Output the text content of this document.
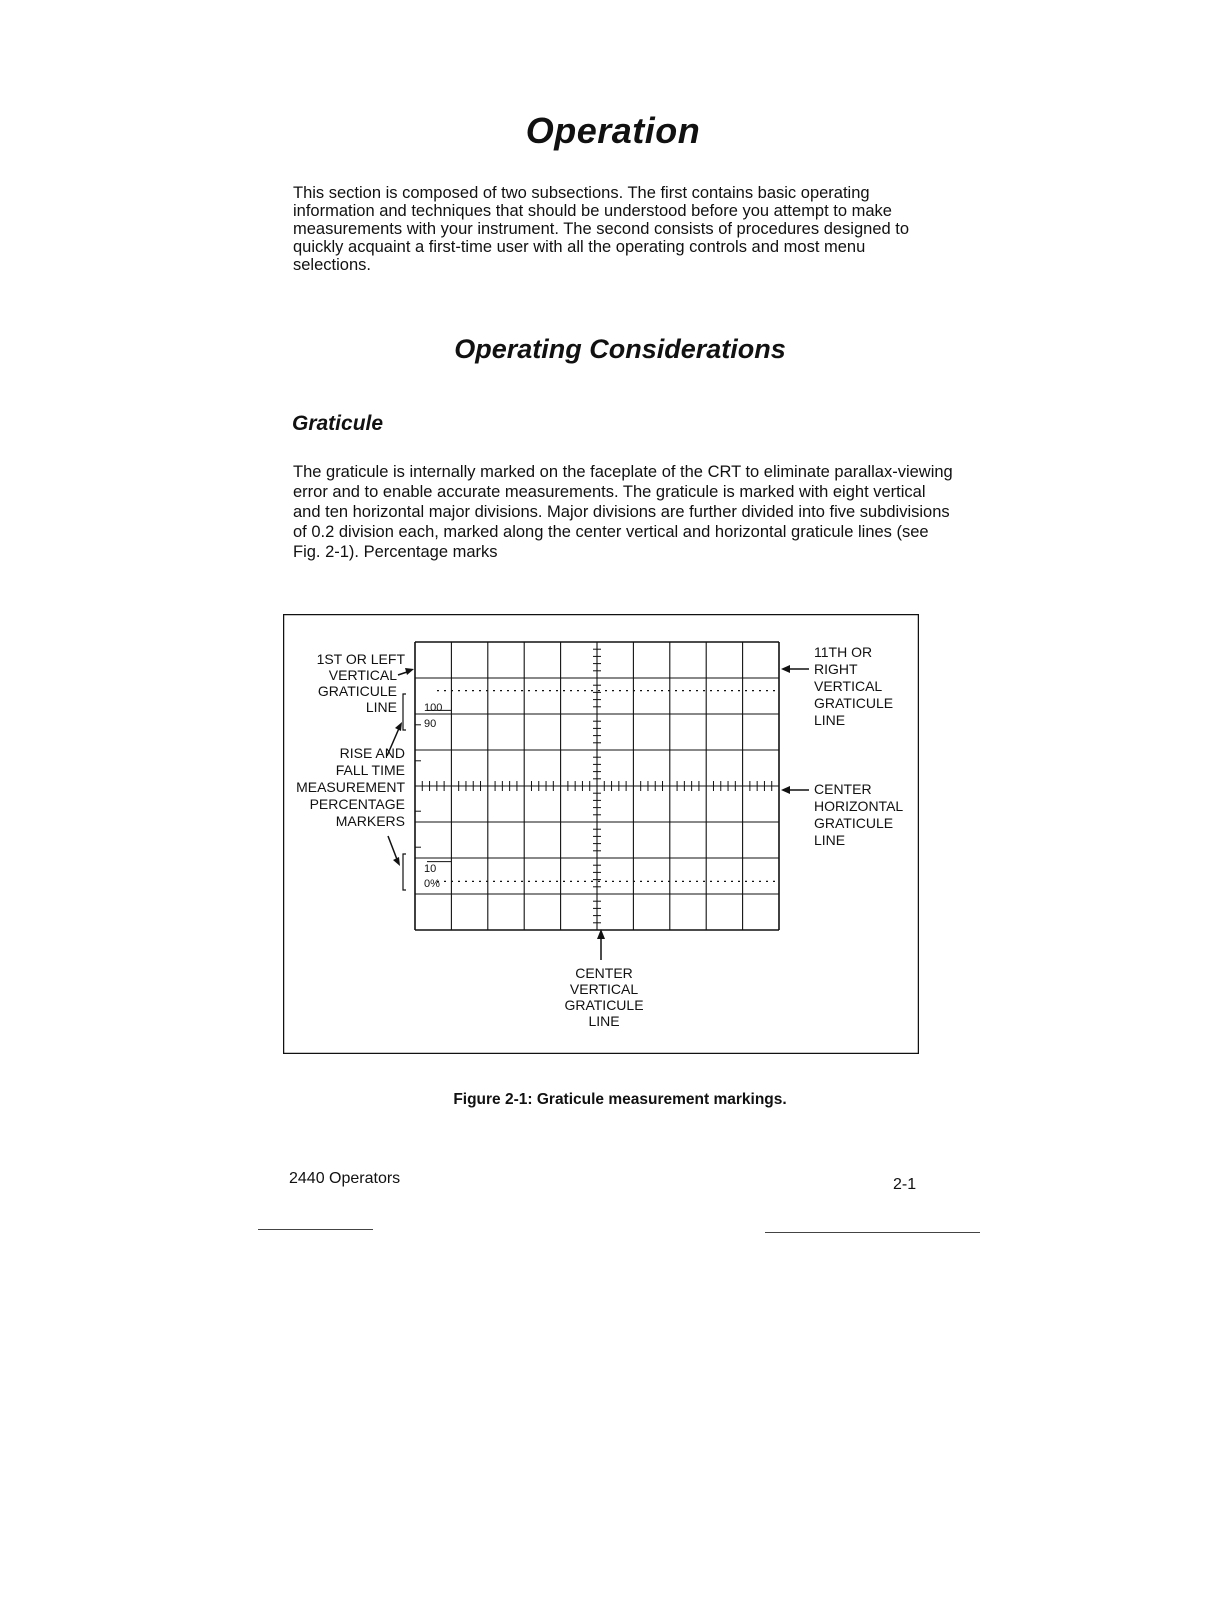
Operation

This section is composed of two subsections. The first contains basic operating information and techniques that should be understood before you attempt to make measurements with your instrument. The second consists of procedures designed to quickly acquaint a first-time user with all the operating controls and most menu selections.

Operating Considerations
Graticule

The graticule is internally marked on the faceplate of the CRT to eliminate parallax-viewing error and to enable accurate measurements. The graticule is marked with eight vertical and ten horizontal major divisions. Major divisions are further divided into five subdivisions of 0.2 division each, marked along the center vertical and horizontal graticule lines (see Fig. 2-1). Percentage marks

100
90
10
0%
1ST OR LEFT
VERTICAL
GRATICULE
LINE
RISE AND
FALL TIME
MEASUREMENT
PERCENTAGE
MARKERS
11TH OR
RIGHT
VERTICAL
GRATICULE
LINE
CENTER
HORIZONTAL
GRATICULE
LINE
CENTER
VERTICAL
GRATICULE
LINE

Figure 2-1: Graticule measurement markings.

2440 Operators	2-1
